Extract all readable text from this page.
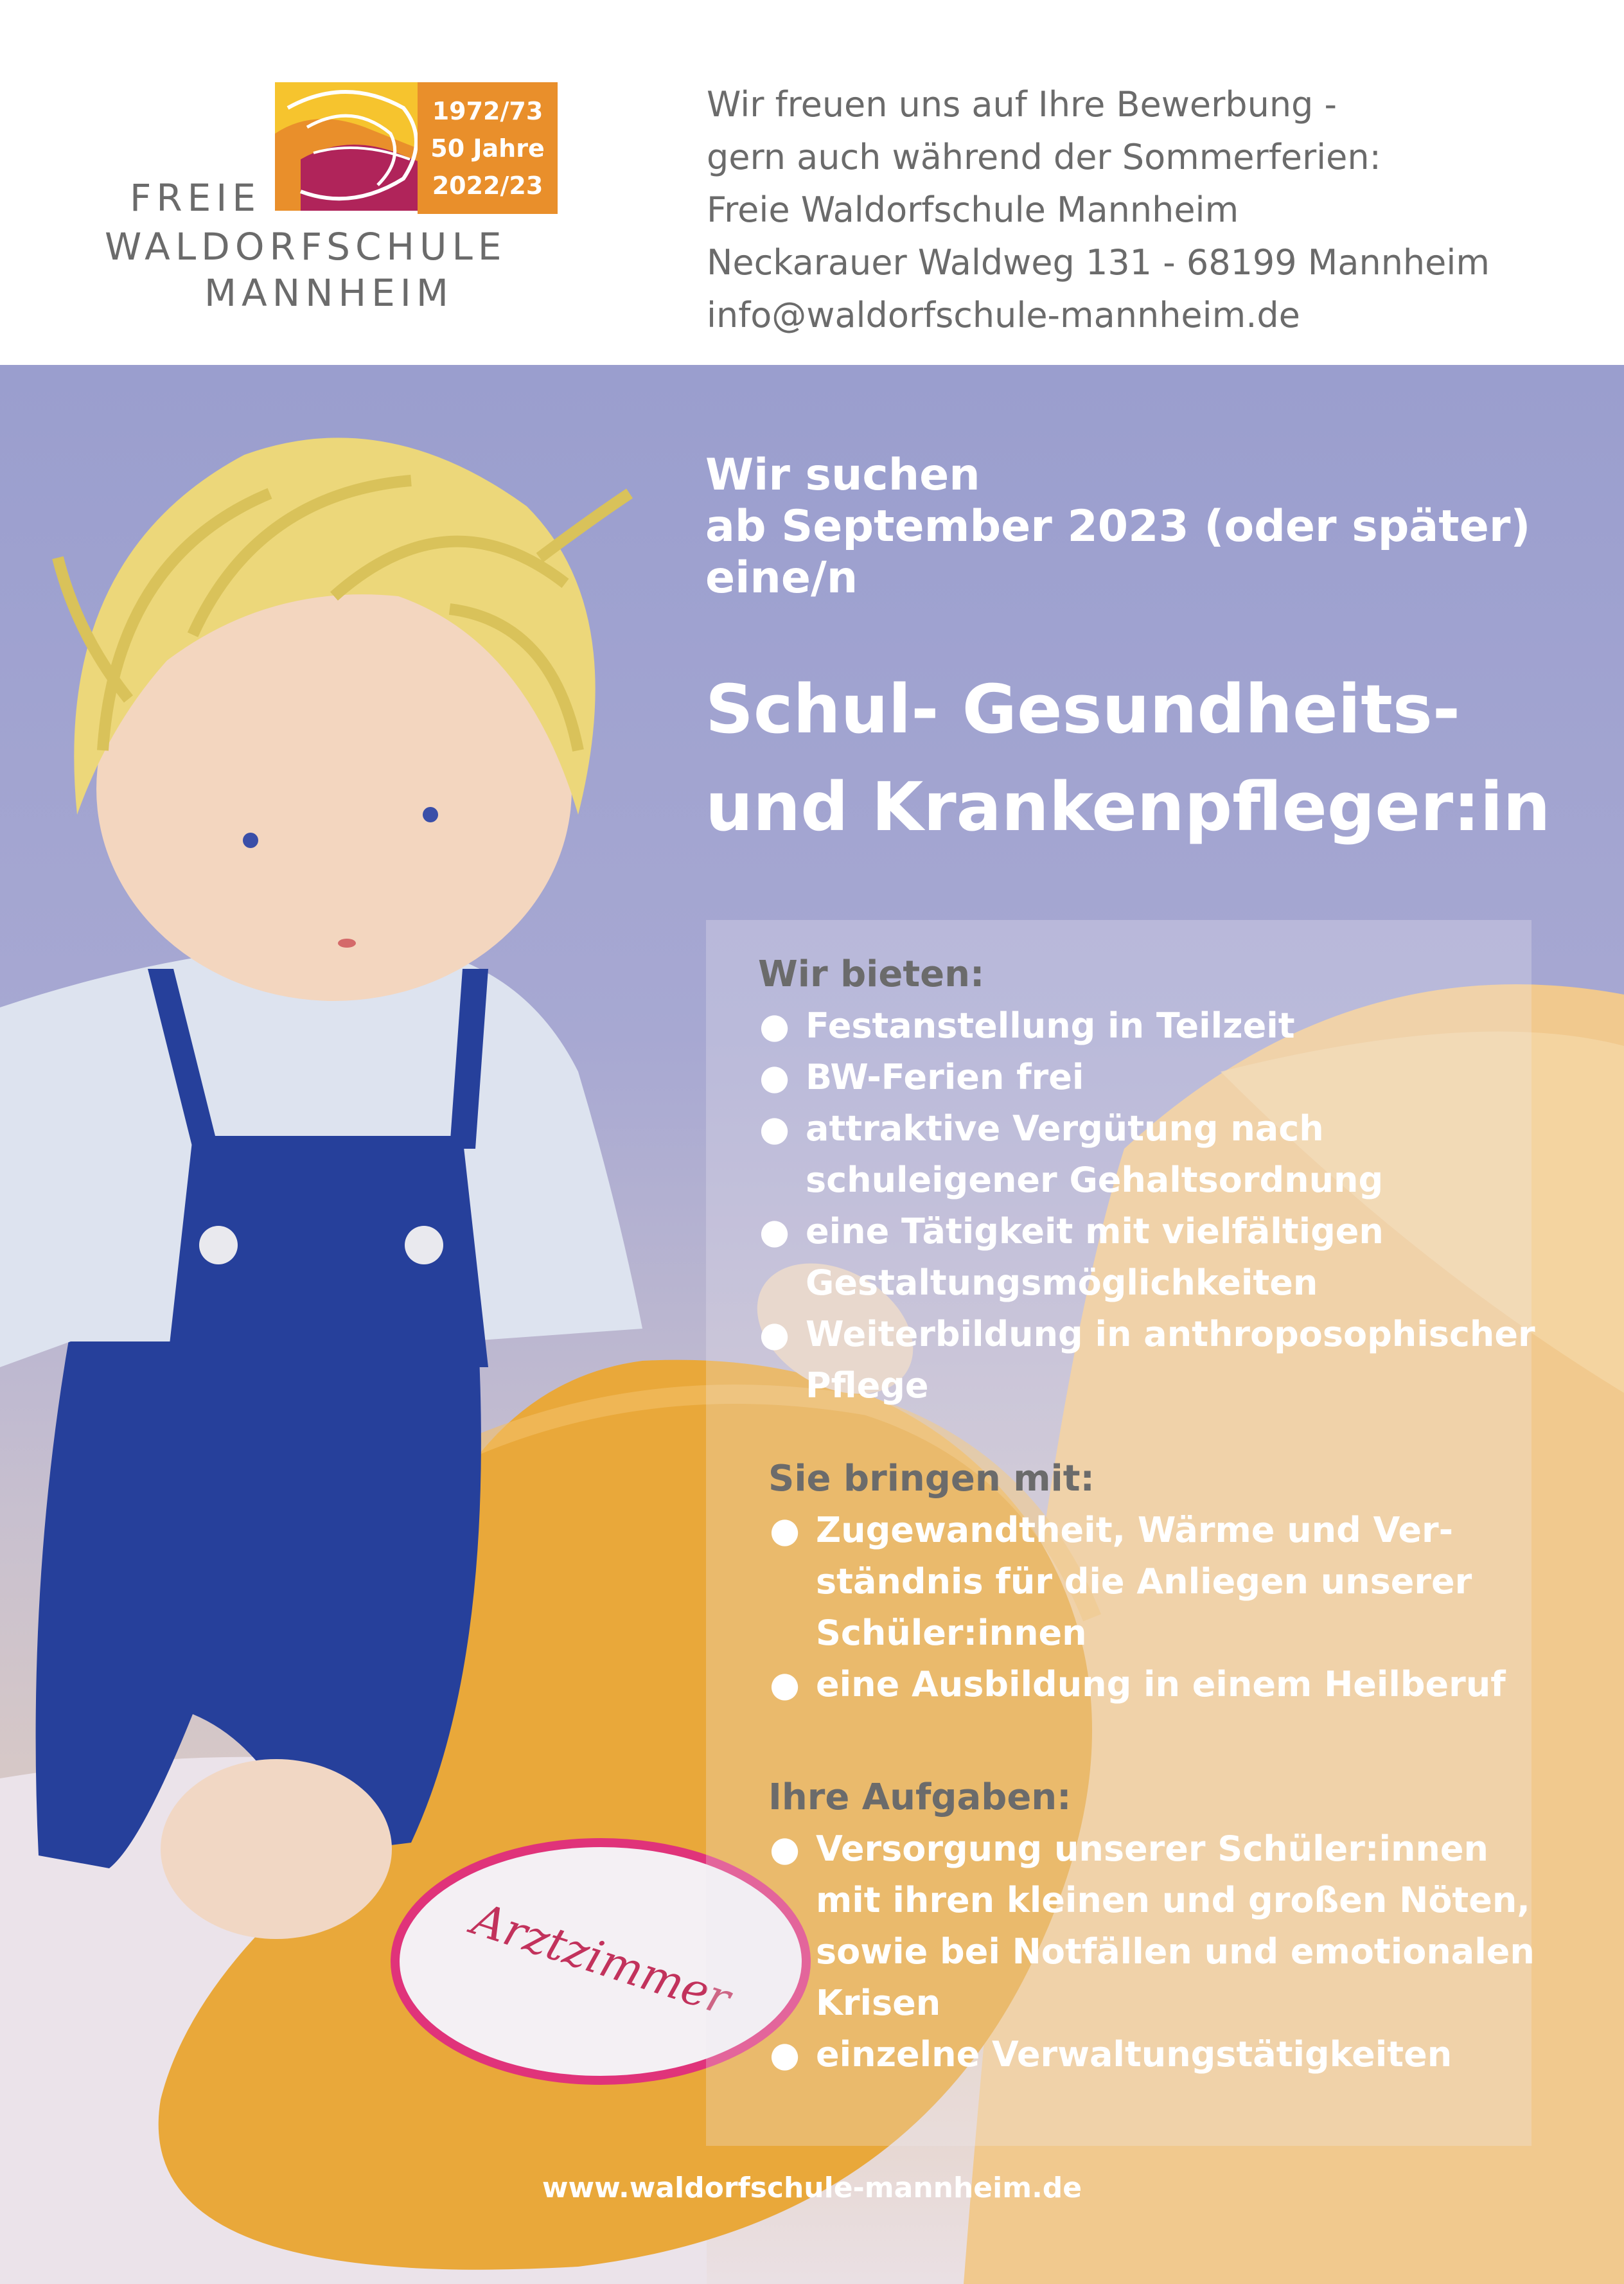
1972/73
50 Jahre
2022/23
FREIE
WALDORFSCHULE
MANNHEIM
Wir freuen uns auf Ihre Bewerbung -
gern auch während der Sommerferien:
Freie Waldorfschule Mannheim
Neckarauer Waldweg 131 - 68199 Mannheim
info@waldorfschule-mannheim.de
Arztzimmer
Wir suchen
ab September 2023 (oder später)
eine/n
Schul- Gesundheits-
und Krankenpfleger:in
Wir bieten:
● Festanstellung in Teilzeit
● BW-Ferien frei
● attraktive Vergütung nach
schuleigener Gehaltsordnung
● eine Tätigkeit mit vielfältigen
Gestaltungsmöglichkeiten
● Weiterbildung in anthroposophischer
Pflege
Sie bringen mit:
● Zugewandtheit, Wärme und Ver-
ständnis für die Anliegen unserer
Schüler:innen
● eine Ausbildung in einem Heilberuf
Ihre Aufgaben:
● Versorgung unserer Schüler:innen
mit ihren kleinen und großen Nöten,
sowie bei Notfällen und emotionalen
Krisen
● einzelne Verwaltungstätigkeiten
www.waldorfschule-mannheim.de
